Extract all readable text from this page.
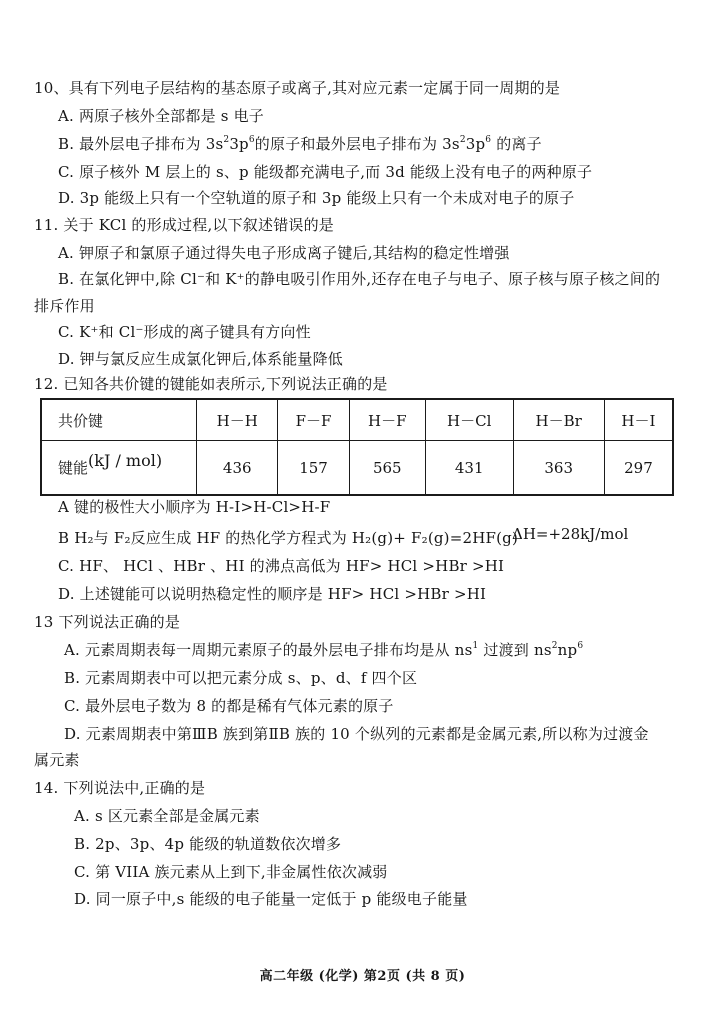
10、具有下列电子层结构的基态原子或离子,其对应元素一定属于同一周期的是
A. 两原子核外全部都是 s 电子
B. 最外层电子排布为 $3s^23p^6$的原子和最外层电子排布为 $3s^23p^6$ 的离子
C. 原子核外 M 层上的 s、p 能级都充满电子,而 3d 能级上没有电子的两种原子
D. 3p 能级上只有一个空轨道的原子和 3p 能级上只有一个未成对电子的原子
11. 关于 KCl 的形成过程,以下叙述错误的是
A. 钾原子和氯原子通过得失电子形成离子键后,其结构的稳定性增强
B. 在氯化钾中,除 Cl⁻和 K⁺的静电吸引作用外,还存在电子与电子、原子核与原子核之间的
排斥作用
C. K⁺和 Cl⁻形成的离子键具有方向性
D. 钾与氯反应生成氯化钾后,体系能量降低
12. 已知各共价键的键能如表所示,下列说法正确的是
共价键	H－H	F－F	H－F	H－Cl	H－Br	H－I
键能(kJ / mol)	436	157	565	431	363	297
A 键的极性大小顺序为 H-I>H-Cl>H-F
B H₂与 F₂反应生成 HF 的热化学方程式为 H₂(g)+ F₂(g)=2HF(g)
ΔH=+28kJ/mol
C. HF、 HCl 、HBr 、HI 的沸点高低为 HF> HCl >HBr >HI
D. 上述键能可以说明热稳定性的顺序是 HF> HCl >HBr >HI
13 下列说法正确的是
A. 元素周期表每一周期元素原子的最外层电子排布均是从 $ns^1$ 过渡到 $ns^2np^6$
B. 元素周期表中可以把元素分成 s、p、d、f 四个区
C. 最外层电子数为 8 的都是稀有气体元素的原子
D. 元素周期表中第ⅢB 族到第ⅡB 族的 10 个纵列的元素都是金属元素,所以称为过渡金
属元素
14. 下列说法中,正确的是
A. s 区元素全部是金属元素
B. 2p、3p、4p 能级的轨道数依次增多
C. 第 VIIA 族元素从上到下,非金属性依次减弱
D. 同一原子中,s 能级的电子能量一定低于 p 能级电子能量
高二年级 (化学) 第2页 (共 8 页)
